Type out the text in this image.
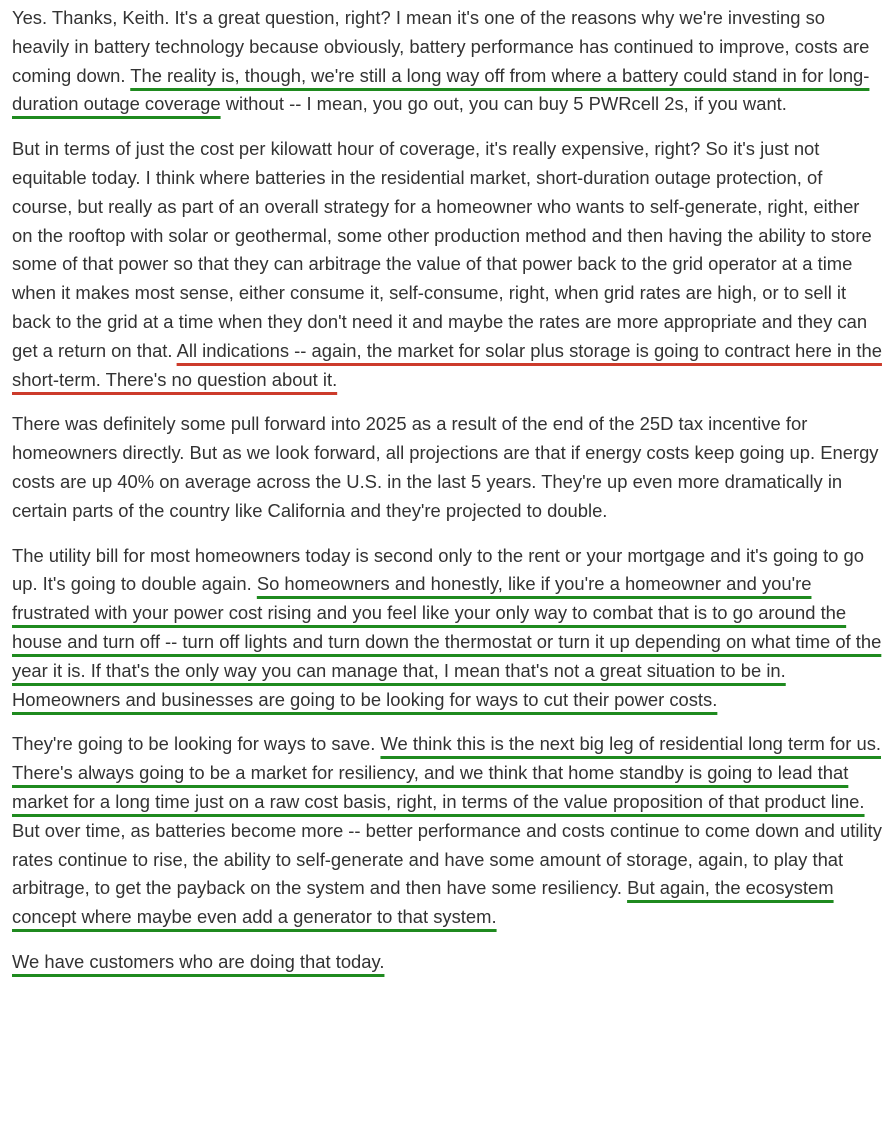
Yes. Thanks, Keith. It's a great question, right? I mean it's one of the reasons why we're investing so heavily in battery technology because obviously, battery performance has continued to improve, costs are coming down. The reality is, though, we're still a long way off from where a battery could stand in for long-duration outage coverage without -- I mean, you go out, you can buy 5 PWRcell 2s, if you want.

But in terms of just the cost per kilowatt hour of coverage, it's really expensive, right? So it's just not equitable today. I think where batteries in the residential market, short-duration outage protection, of course, but really as part of an overall strategy for a homeowner who wants to self-generate, right, either on the rooftop with solar or geothermal, some other production method and then having the ability to store some of that power so that they can arbitrage the value of that power back to the grid operator at a time when it makes most sense, either consume it, self-consume, right, when grid rates are high, or to sell it back to the grid at a time when they don't need it and maybe the rates are more appropriate and they can get a return on that. All indications -- again, the market for solar plus storage is going to contract here in the short-term. There's no question about it.

There was definitely some pull forward into 2025 as a result of the end of the 25D tax incentive for homeowners directly. But as we look forward, all projections are that if energy costs keep going up. Energy costs are up 40% on average across the U.S. in the last 5 years. They're up even more dramatically in certain parts of the country like California and they're projected to double.

The utility bill for most homeowners today is second only to the rent or your mortgage and it's going to go up. It's going to double again. So homeowners and honestly, like if you're a homeowner and you're frustrated with your power cost rising and you feel like your only way to combat that is to go around the house and turn off -- turn off lights and turn down the thermostat or turn it up depending on what time of the year it is. If that's the only way you can manage that, I mean that's not a great situation to be in. Homeowners and businesses are going to be looking for ways to cut their power costs.

They're going to be looking for ways to save. We think this is the next big leg of residential long term for us. There's always going to be a market for resiliency, and we think that home standby is going to lead that market for a long time just on a raw cost basis, right, in terms of the value proposition of that product line. But over time, as batteries become more -- better performance and costs continue to come down and utility rates continue to rise, the ability to self-generate and have some amount of storage, again, to play that arbitrage, to get the payback on the system and then have some resiliency. But again, the ecosystem concept where maybe even add a generator to that system.

We have customers who are doing that today.
